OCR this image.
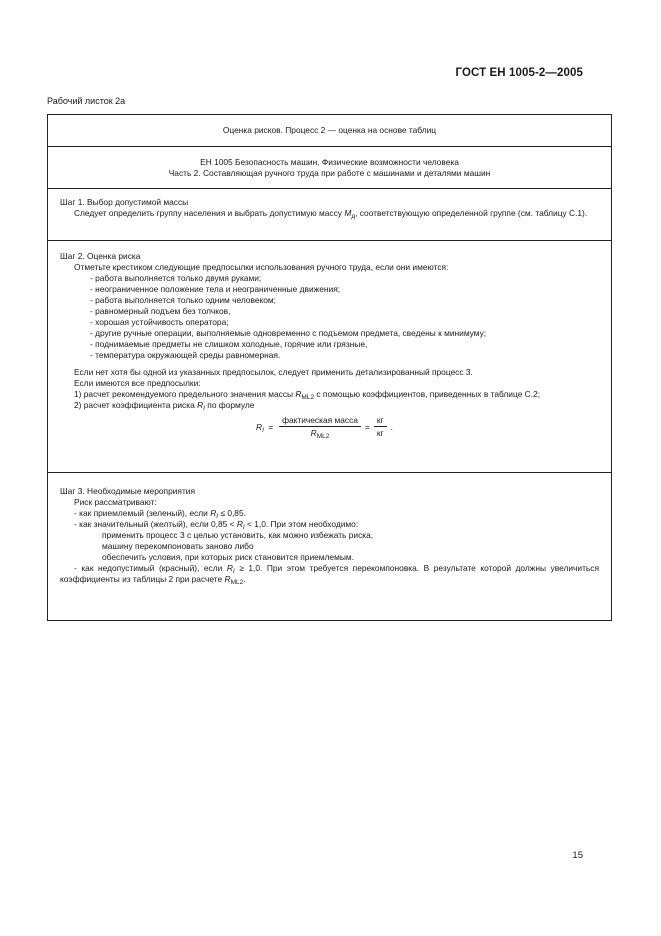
ГОСТ ЕН 1005-2—2005
Рабочий листок 2а
Оценка рисков. Процесс 2 — оценка на основе таблиц
ЕН 1005 Безопасность машин. Физические возможности человека
Часть 2. Составляющая ручного труда при работе с машинами и деталями машин
Шаг 1. Выбор допустимой массы
Следует определить группу населения и выбрать допустимую массу $М_д$, соответствующую определенной группе (см. таблицу С.1).
Шаг 2. Оценка риска
Отметьте крестиком следующие предпосылки использования ручного труда, если они имеются:
- работа выполняется только двумя руками;
- неограниченное положение тела и неограниченные движения;
- работа выполняется только одним человеком;
- равномерный подъем без толчков,
- хорошая устойчивость оператора;
- другие ручные операции, выполняемые одновременно с подъемом предмета, сведены к минимуму;
- поднимаемые предметы не слишком холодные, горячие или грязные,
- температура окружающей среды равномерная.
Если нет хотя бы одной из указанных предпосылок, следует применить детализированный процесс 3.
Если имеются все предпосылки:
1) расчет рекомендуемого предельного значения массы $R_{ML2}$ с помощью коэффициентов, приведенных в таблице С.2;
2) расчет коэффициента риска $R_I$ по формуле
$R_I = \frac{\text{фактическая масса}}{R_{ML2}} = \frac{кг}{кг}$ .
Шаг 3. Необходимые мероприятия
Риск рассматривают:
- как приемлемый (зеленый), если $R_I \le 0,85$.
- как значительный (желтый), если $0,85 < R_I < 1,0$. При этом необходимо:
применить процесс 3 с целью установить, как можно избежать риска,
машину перекомпоновать заново либо
обеспечить условия, при которых риск становится приемлемым.
- как недопустимый (красный), если $R_I \ge 1,0$. При этом требуется перекомпоновка. В результате которой должны увеличиться коэффициенты из таблицы 2 при расчете $R_{ML2}$.
15
